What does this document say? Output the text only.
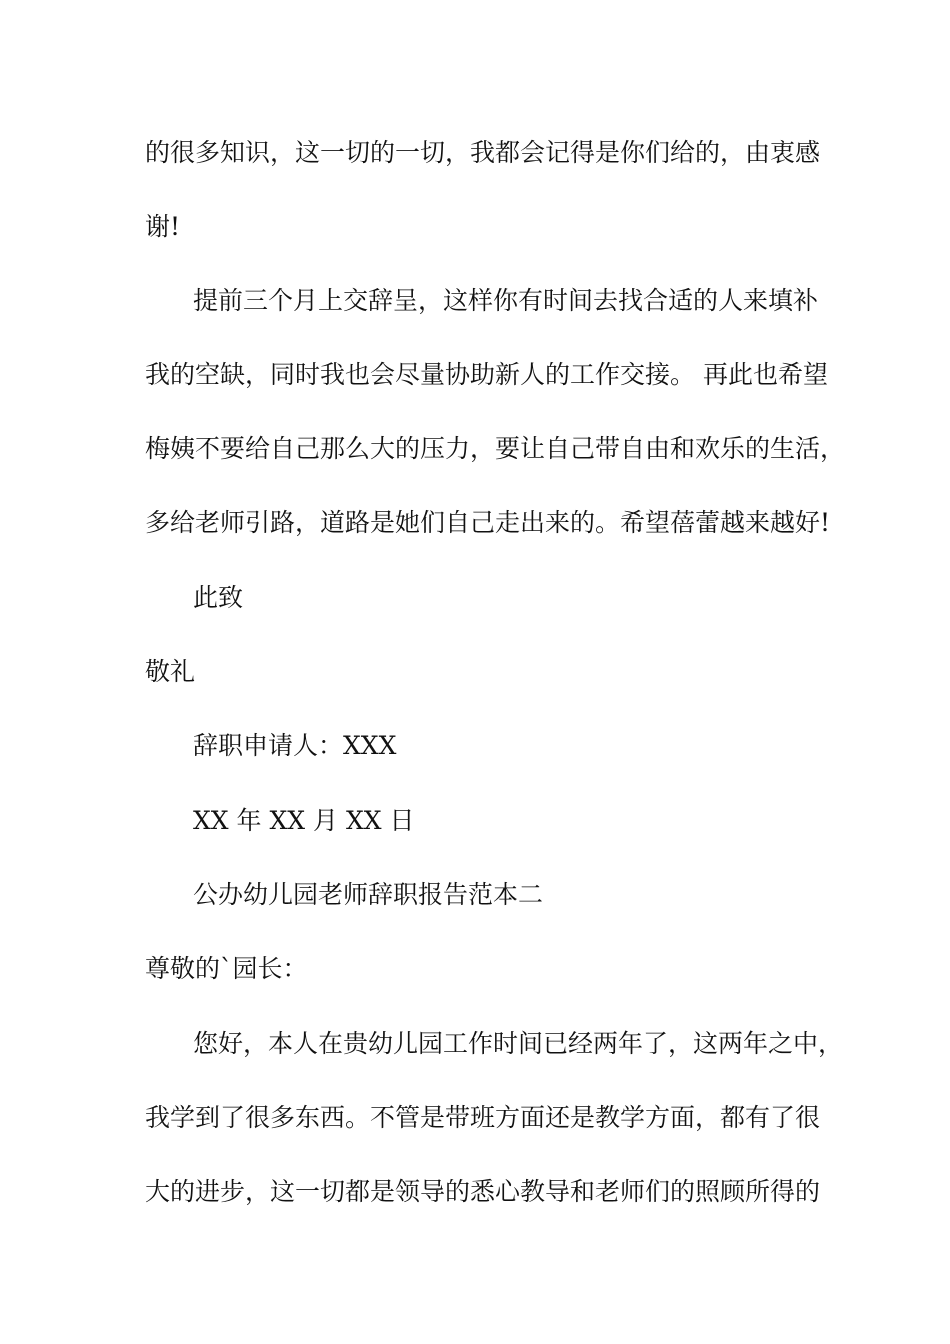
的很多知识，这一切的一切，我都会记得是你们给的，由衷感
谢!
提前三个月上交辞呈，这样你有时间去找合适的人来填补
我的空缺，同时我也会尽量协助新人的工作交接。 再此也希望
梅姨不要给自己那么大的压力，要让自己带自由和欢乐的生活，
多给老师引路，道路是她们自己走出来的。希望蓓蕾越来越好!
此致
敬礼
辞职申请人：XXX
XX 年 XX 月 XX 日
公办幼儿园老师辞职报告范本二
尊敬的`园长：
您好，本人在贵幼儿园工作时间已经两年了，这两年之中，
我学到了很多东西。不管是带班方面还是教学方面，都有了很
大的进步，这一切都是领导的悉心教导和老师们的照顾所得的
